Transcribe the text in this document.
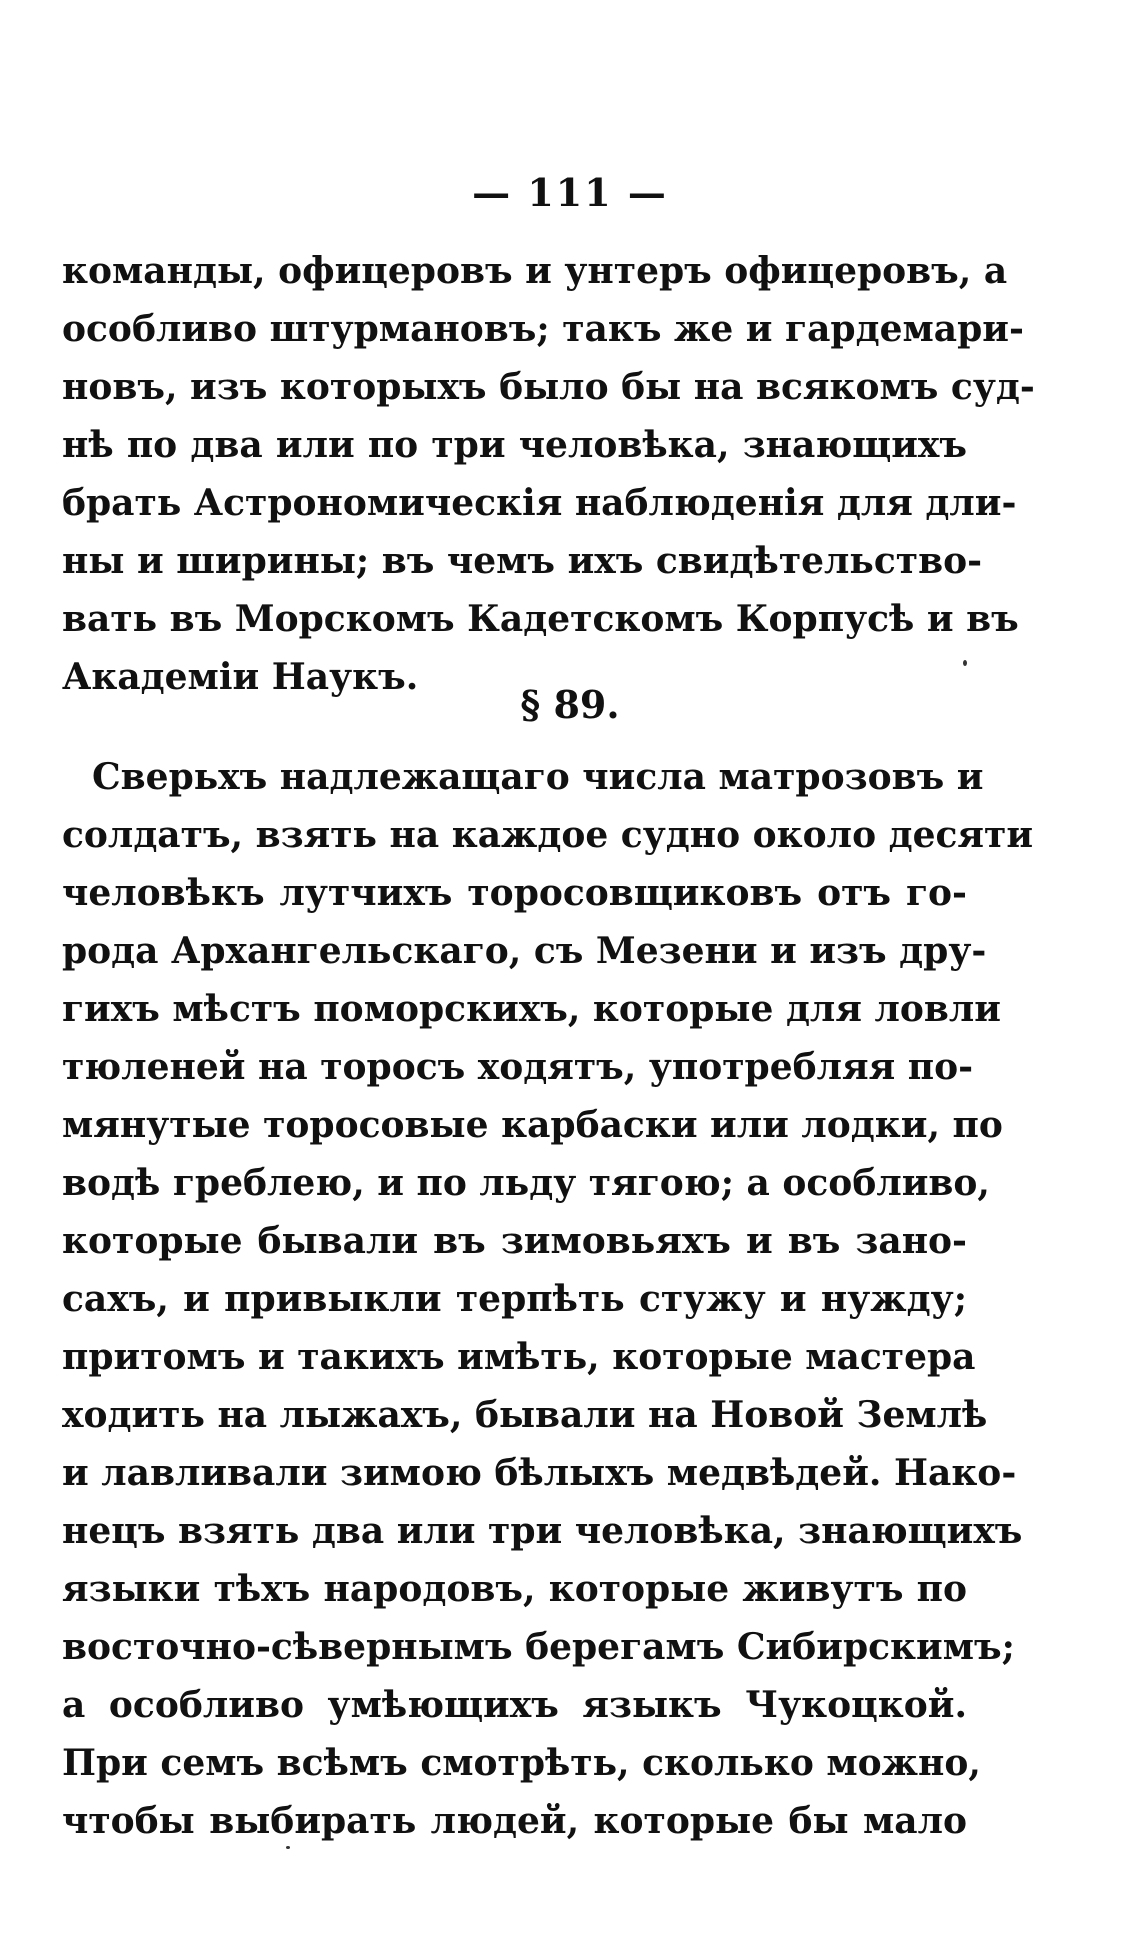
— 111 —
команды, офицеровъ и унтеръ офицеровъ, а
особливо штурмановъ; такъ же и гардемари-
новъ, изъ которыхъ было бы на всякомъ суд-
нѣ по два или по три человѣка, знающихъ
брать Астрономическія наблюденія для дли-
ны и ширины; въ чемъ ихъ свидѣтельство-
вать въ Морскомъ Кадетскомъ Корпусѣ и въ
Академіи Наукъ.
§ 89.
Сверьхъ надлежащаго числа матрозовъ и
солдатъ, взять на каждое судно около десяти
человѣкъ лутчихъ торосовщиковъ отъ го-
рода Архангельскаго, съ Мезени и изъ дру-
гихъ мѣстъ поморскихъ, которые для ловли
тюленей на торосъ ходятъ, употребляя по-
мянутые торосовые карбаски или лодки, по
водѣ греблею, и по льду тягою; а особливо,
которые бывали въ зимовьяхъ и въ зано-
сахъ, и привыкли терпѣть стужу и нужду;
притомъ и такихъ имѣть, которые мастера
ходить на лыжахъ, бывали на Новой Землѣ
и лавливали зимою бѣлыхъ медвѣдей. Нако-
нецъ взять два или три человѣка, знающихъ
языки тѣхъ народовъ, которые живутъ по
восточно-сѣвернымъ берегамъ Сибирскимъ;
а особливо умѣющихъ языкъ Чукоцкой.
При семъ всѣмъ смотрѣть, сколько можно,
чтобы выбирать людей, которые бы мало
